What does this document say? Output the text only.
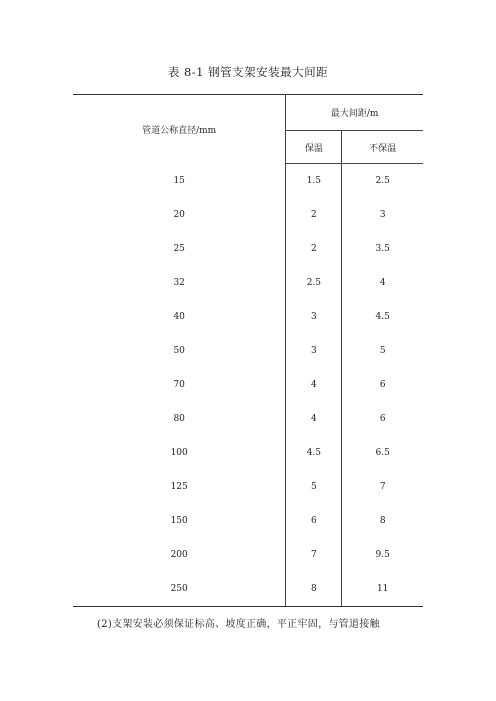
表 8-1 钢管支架安装最大间距
管道公称直径/mm	最大间距/m	
	保温	不保温
15	1.5	2.5
20	2	3
25	2	3.5
32	2.5	4
40	3	4.5
50	3	5
70	4	6
80	4	6
100	4.5	6.5
125	5	7
150	6	8
200	7	9.5
250	8	11
(2)支架安装必须保证标高、坡度正确，平正牢固，与管道接触
